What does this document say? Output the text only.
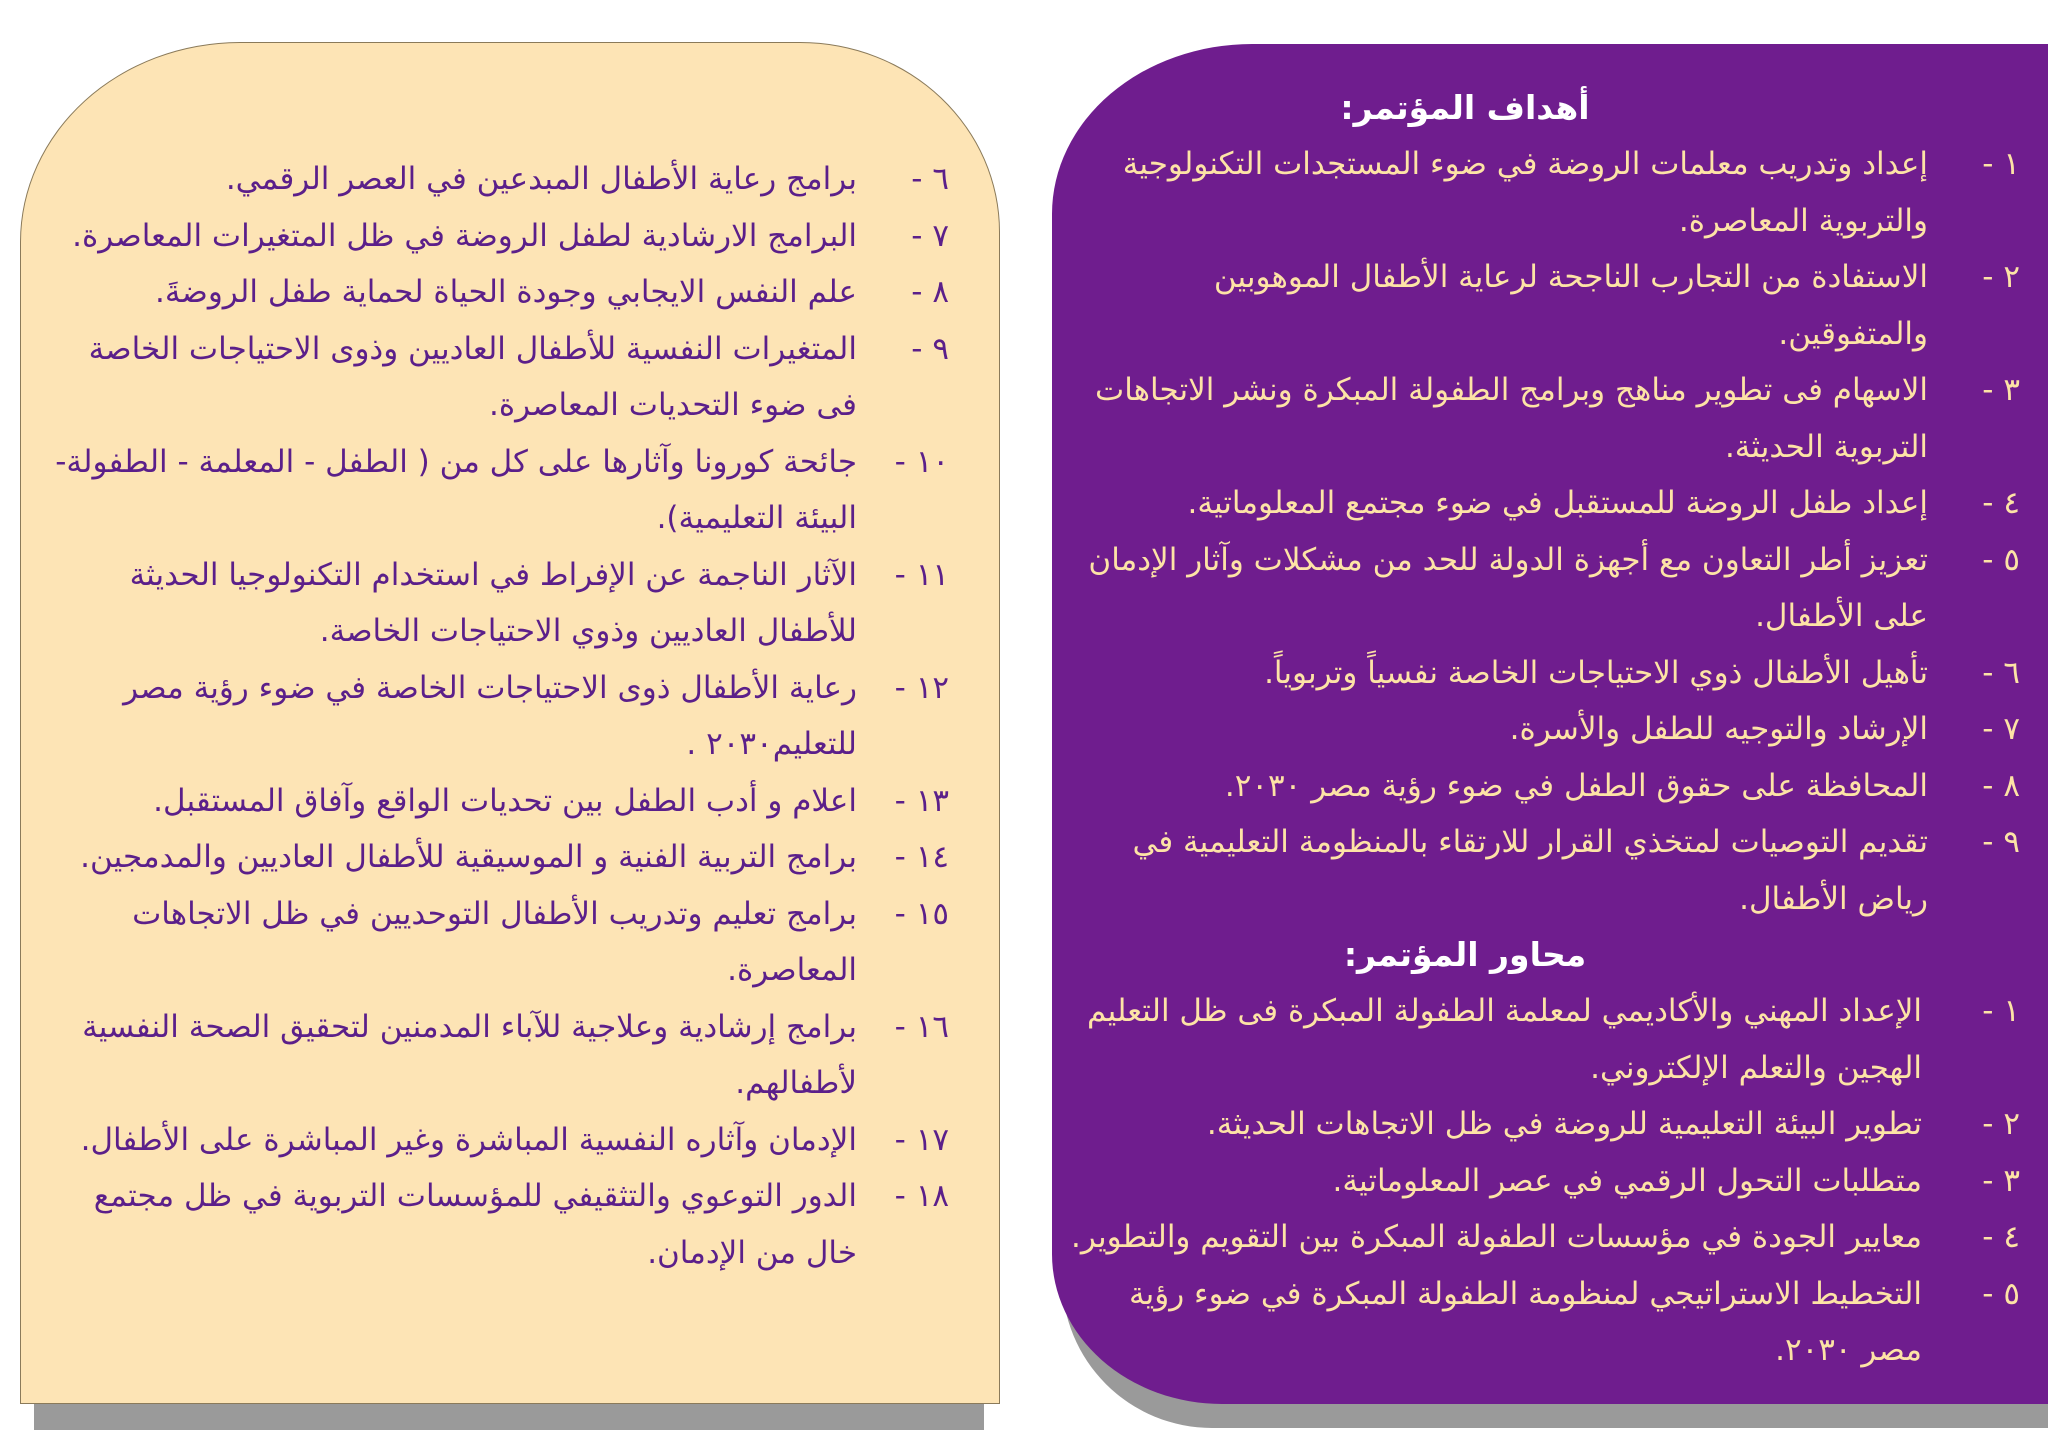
أهداف المؤتمر:
١ -
إعداد وتدريب معلمات الروضة في ضوء المستجدات التكنولوجية والتربوية المعاصرة.
٢ -
الاستفادة من التجارب الناجحة لرعاية الأطفال الموهوبين والمتفوقين.
٣ -
الاسهام فى تطوير مناهج وبرامج الطفولة المبكرة ونشر الاتجاهات التربوية الحديثة.
٤ -
إعداد طفل الروضة للمستقبل في ضوء مجتمع المعلوماتية.
٥ -
تعزيز أطر التعاون مع أجهزة الدولة للحد من مشكلات وآثار الإدمان على الأطفال.
٦ -
تأهيل الأطفال ذوي الاحتياجات الخاصة نفسياً وتربوياً.
٧ -
الإرشاد والتوجيه للطفل والأسرة.
٨ -
المحافظة على حقوق الطفل في ضوء رؤية مصر ٢٠٣٠.
٩ -
تقديم التوصيات لمتخذي القرار للارتقاء بالمنظومة التعليمية في رياض الأطفال.
محاور المؤتمر:
١ -
الإعداد المهني والأكاديمي لمعلمة الطفولة المبكرة فى ظل التعليم الهجين والتعلم الإلكتروني.
٢ -
تطوير البيئة التعليمية للروضة في ظل الاتجاهات الحديثة.
٣ -
متطلبات التحول الرقمي في عصر المعلوماتية.
٤ -
معايير الجودة في مؤسسات الطفولة المبكرة بين التقويم والتطوير.
٥ -
التخطيط الاستراتيجي لمنظومة الطفولة المبكرة في ضوء رؤية مصر ٢٠٣٠.
٦ -
برامج رعاية الأطفال المبدعين في العصر الرقمي.
٧ -
البرامج الارشادية لطفل الروضة في ظل المتغيرات المعاصرة.
٨ -
علم النفس الايجابي وجودة الحياة لحماية طفل الروضةَ.
٩ -
المتغيرات النفسية للأطفال العاديين وذوى الاحتياجات الخاصة فى ضوء التحديات المعاصرة.
١٠ -
جائحة كورونا وآثارها على كل من ( الطفل - المعلمة - الطفولة- البيئة التعليمية).
١١ -
الآثار الناجمة عن الإفراط في استخدام التكنولوجيا الحديثة للأطفال العاديين وذوي الاحتياجات الخاصة.
١٢ -
رعاية الأطفال ذوى الاحتياجات الخاصة في ضوء رؤية مصر للتعليم٢٠٣٠ .
١٣ -
اعلام و أدب الطفل بين تحديات الواقع وآفاق المستقبل.
١٤ -
برامج التربية الفنية و الموسيقية للأطفال العاديين والمدمجين.
١٥ -
برامج تعليم وتدريب الأطفال التوحديين في ظل الاتجاهات المعاصرة.
١٦ -
برامج إرشادية وعلاجية للآباء المدمنين لتحقيق الصحة النفسية لأطفالهم.
١٧ -
الإدمان وآثاره النفسية المباشرة وغير المباشرة على الأطفال.
١٨ -
الدور التوعوي والتثقيفي للمؤسسات التربوية في ظل مجتمع خال من الإدمان.
